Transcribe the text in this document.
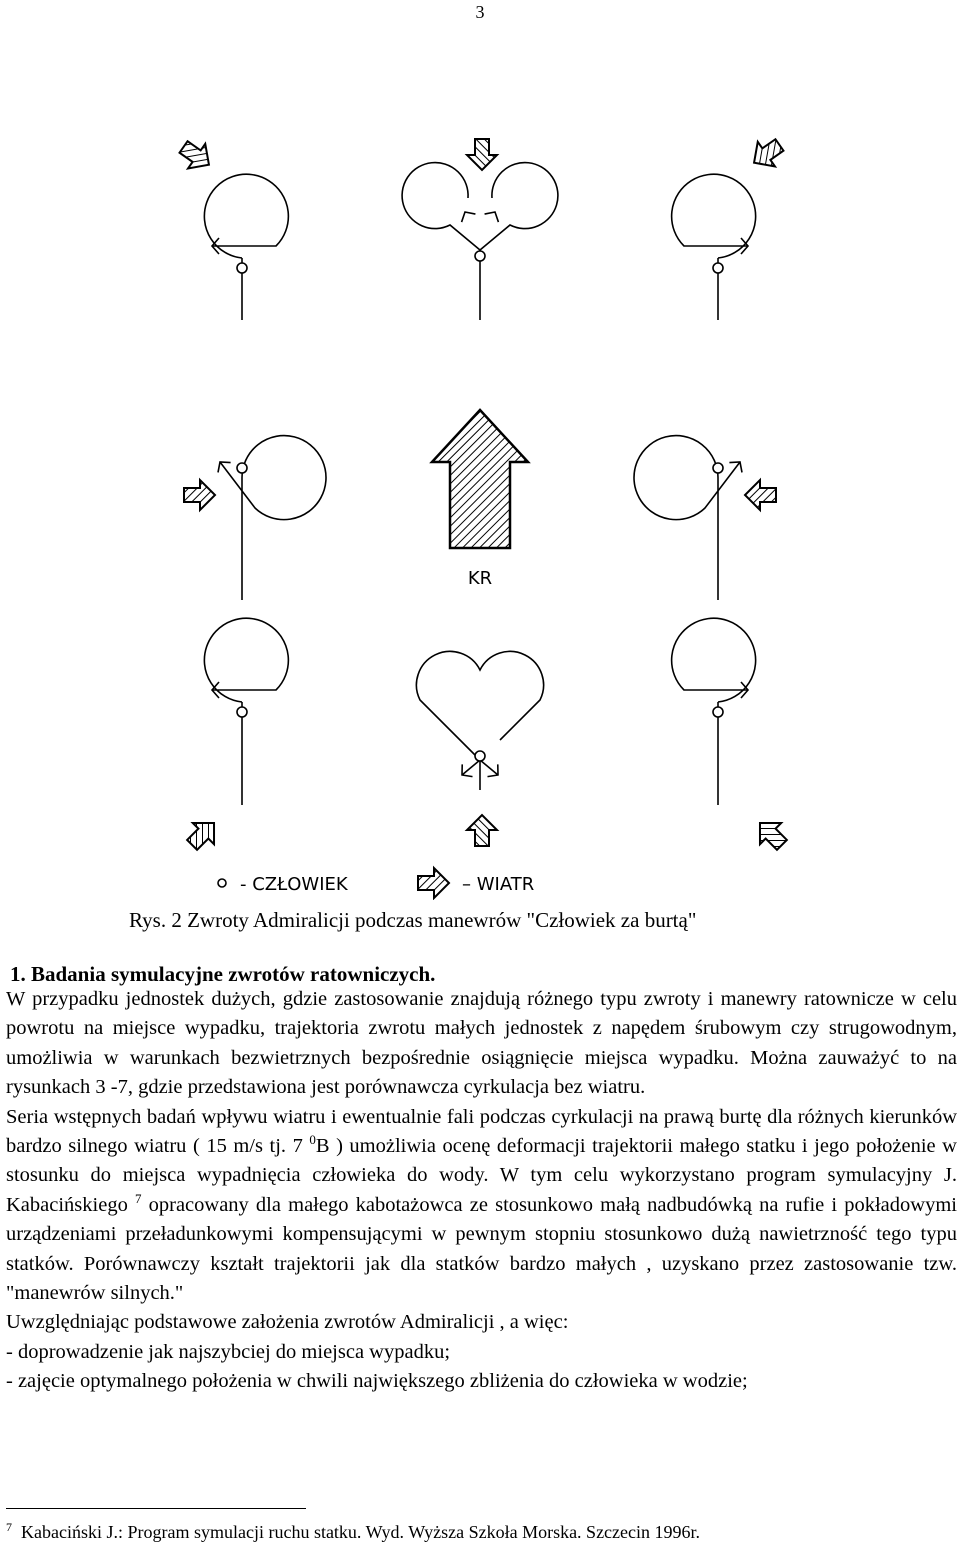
3
KR
- CZŁOWIEK	– WIATR
Rys. 2 Zwroty Admiralicji podczas manewrów "Człowiek za burtą"
1. Badania symulacyjne zwrotów ratowniczych.

W przypadku jednostek dużych, gdzie zastosowanie znajdują różnego typu zwroty i manewry ratownicze w celu powrotu na miejsce wypadku, trajektoria zwrotu małych jednostek z napędem śrubowym czy strugowodnym, umożliwia w warunkach bezwietrznych bezpośrednie osiągnięcie miejsca wypadku. Można zauważyć to na rysunkach 3 -7, gdzie przedstawiona jest porównawcza cyrkulacja bez wiatru.

Seria wstępnych badań wpływu wiatru i ewentualnie fali podczas cyrkulacji na prawą burtę dla różnych kierunków bardzo silnego wiatru ( 15 m/s tj. 7 $^0$B ) umożliwia ocenę deformacji trajektorii małego statku i jego położenie w stosunku do miejsca wypadnięcia człowieka do wody. W tym celu wykorzystano program symulacyjny J. Kabacińskiego $^7$ opracowany dla małego kabotażowca ze stosunkowo małą nadbudówką na rufie i pokładowymi urządzeniami przeładunkowymi kompensującymi w pewnym stopniu stosunkowo dużą nawietrzność tego typu statków. Porównawczy kształt trajektorii jak dla statków bardzo małych , uzyskano przez zastosowanie tzw. "manewrów silnych."

Uwzględniając podstawowe założenia zwrotów Admiralicji , a więc:

- doprowadzenie jak najszybciej do miejsca wypadku;

- zajęcie optymalnego położenia w chwili największego zbliżenia do człowieka w wodzie;

$^7$ Kabaciński J.: Program symulacji ruchu statku. Wyd. Wyższa Szkoła Morska. Szczecin 1996r.
